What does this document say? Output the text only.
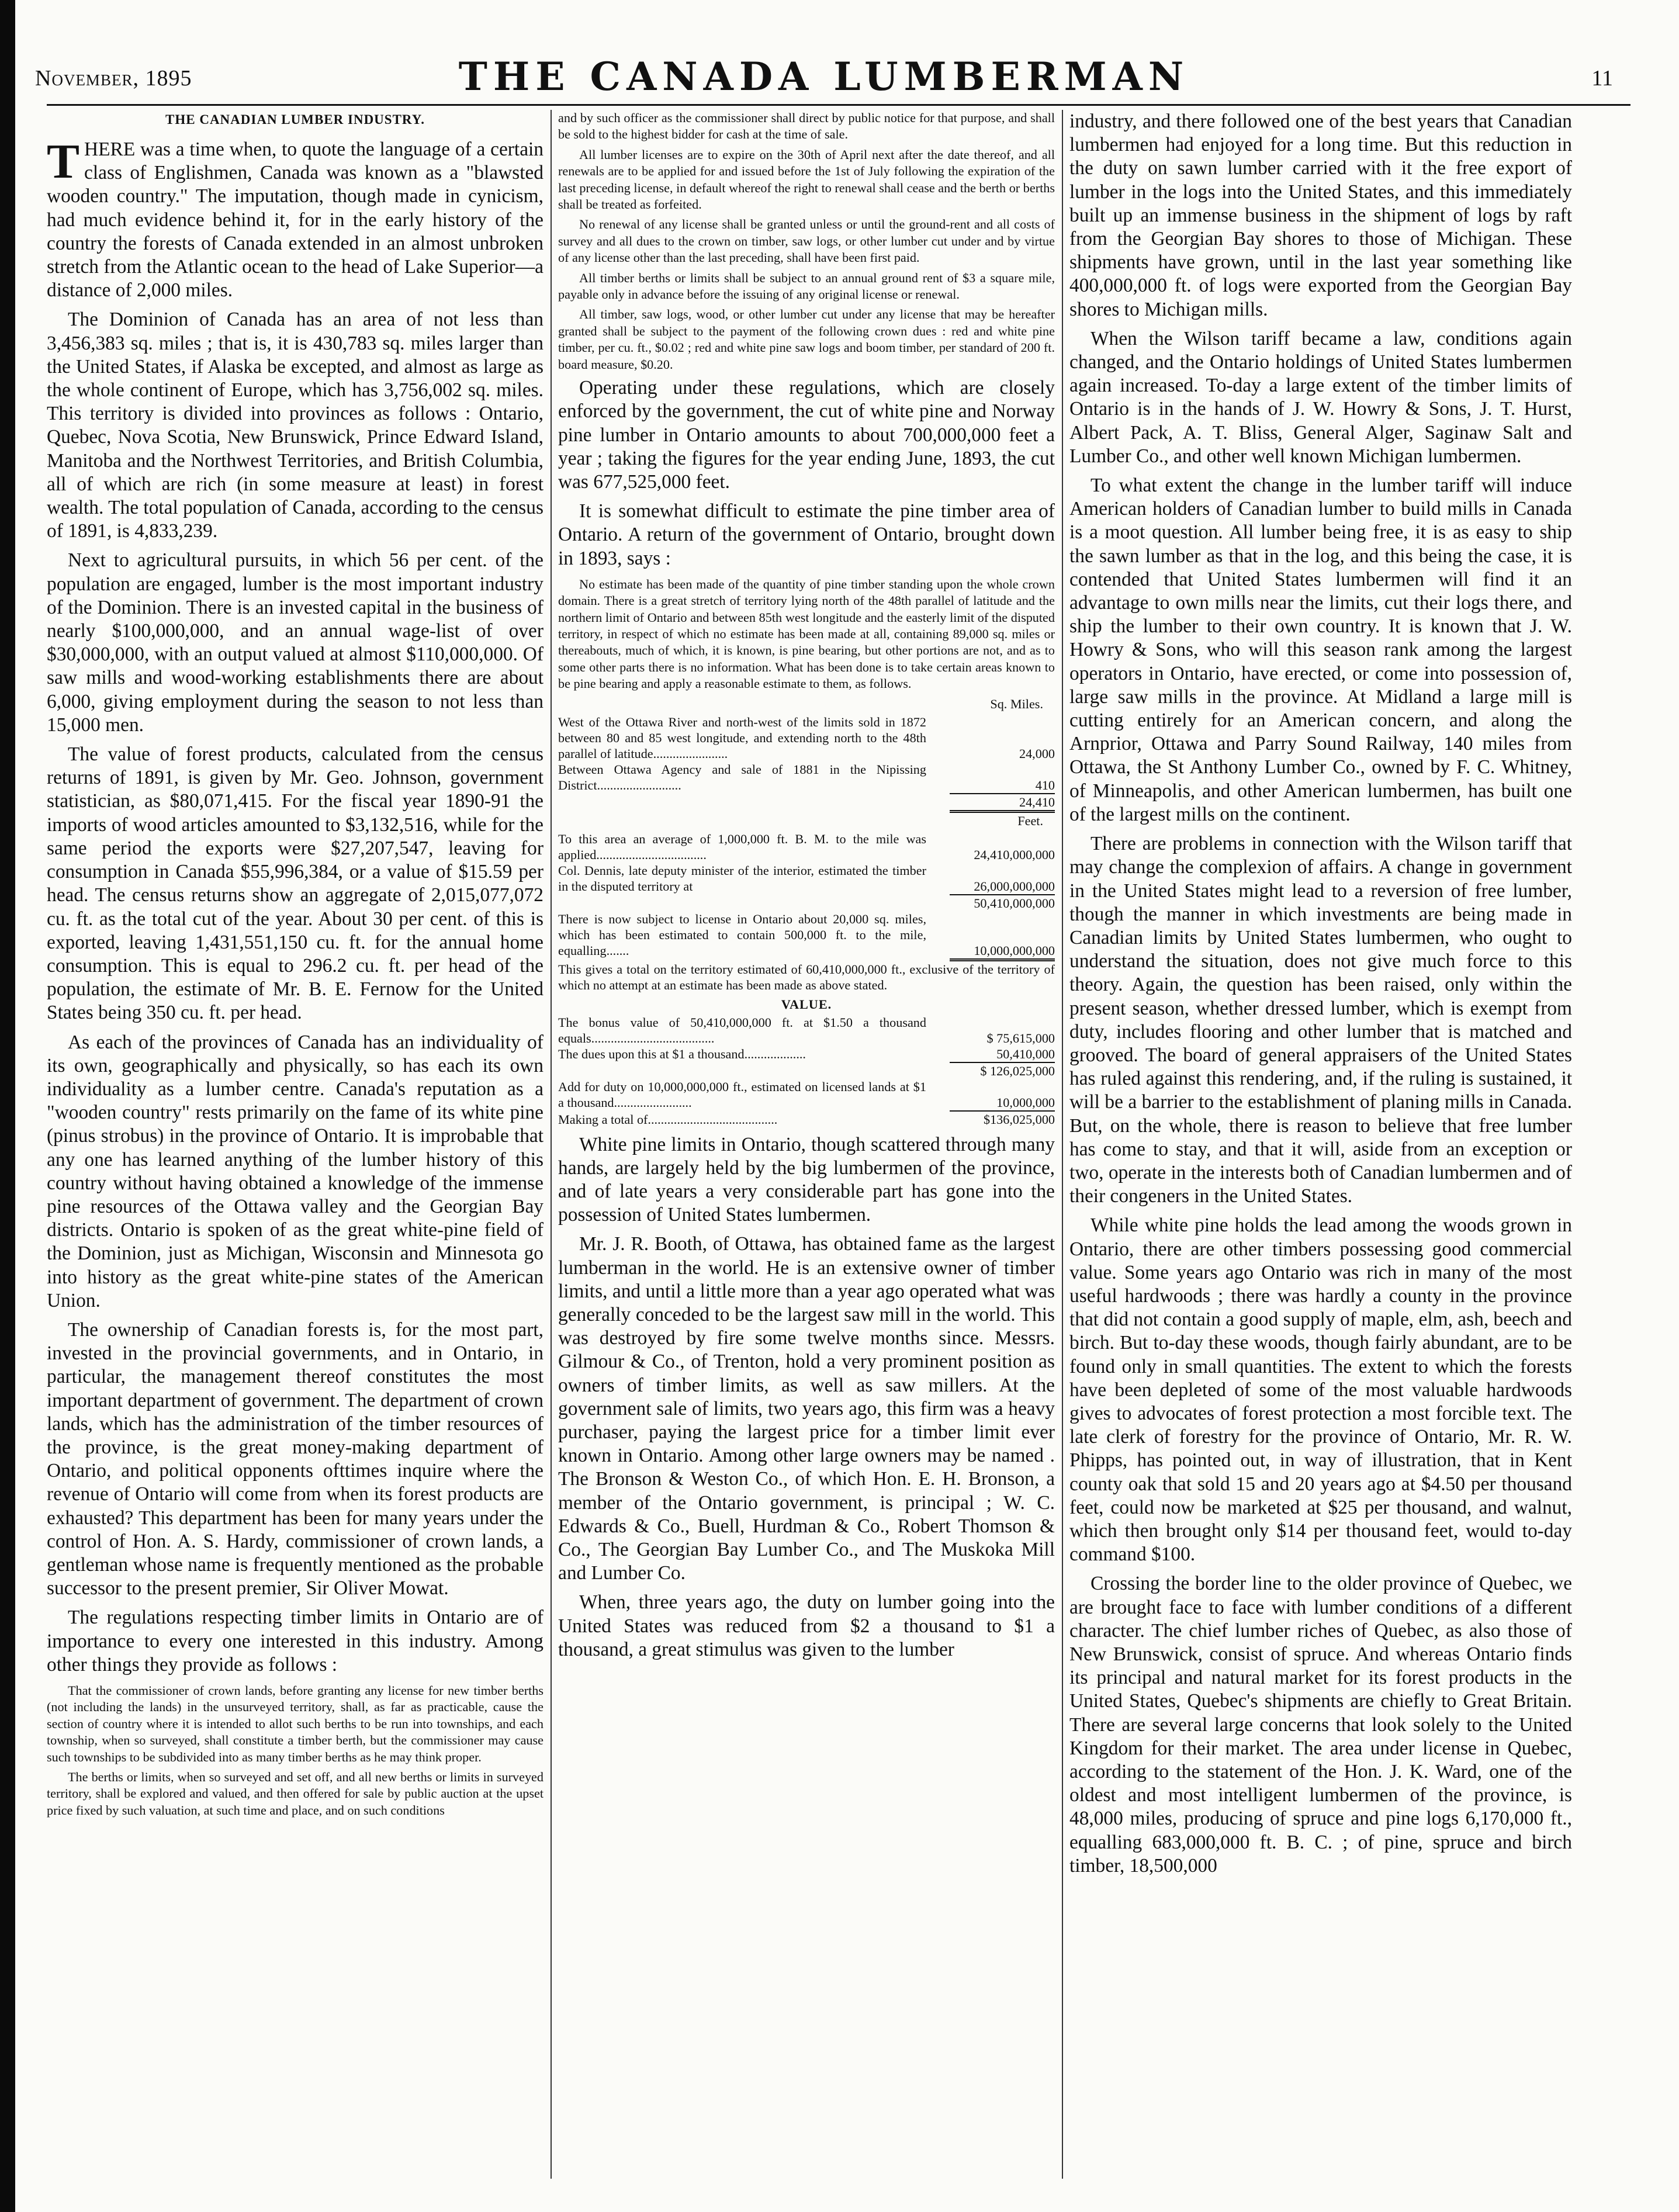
November, 1895	THE CANADA LUMBERMAN	11
THE CANADIAN LUMBER INDUSTRY.

THERE was a time when, to quote the language of a certain class of Englishmen, Canada was known as a "blawsted wooden country." The imputation, though made in cynicism, had much evidence behind it, for in the early history of the country the forests of Canada extended in an almost unbroken stretch from the Atlantic ocean to the head of Lake Superior—a distance of 2,000 miles.

The Dominion of Canada has an area of not less than 3,456,383 sq. miles ; that is, it is 430,783 sq. miles larger than the United States, if Alaska be excepted, and almost as large as the whole continent of Europe, which has 3,756,002 sq. miles. This territory is divided into provinces as follows : Ontario, Quebec, Nova Scotia, New Brunswick, Prince Edward Island, Manitoba and the Northwest Territories, and British Columbia, all of which are rich (in some measure at least) in forest wealth. The total population of Canada, according to the census of 1891, is 4,833,239.

Next to agricultural pursuits, in which 56 per cent. of the population are engaged, lumber is the most important industry of the Dominion. There is an invested capital in the business of nearly $100,000,000, and an annual wage-list of over $30,000,000, with an output valued at almost $110,000,000. Of saw mills and wood-working establishments there are about 6,000, giving employment during the season to not less than 15,000 men.

The value of forest products, calculated from the census returns of 1891, is given by Mr. Geo. Johnson, government statistician, as $80,071,415. For the fiscal year 1890-91 the imports of wood articles amounted to $3,132,516, while for the same period the exports were $27,207,547, leaving for consumption in Canada $55,996,384, or a value of $15.59 per head. The census returns show an aggregate of 2,015,077,072 cu. ft. as the total cut of the year. About 30 per cent. of this is exported, leaving 1,431,551,150 cu. ft. for the annual home consumption. This is equal to 296.2 cu. ft. per head of the population, the estimate of Mr. B. E. Fernow for the United States being 350 cu. ft. per head.

As each of the provinces of Canada has an individuality of its own, geographically and physically, so has each its own individuality as a lumber centre. Canada's reputation as a "wooden country" rests primarily on the fame of its white pine (pinus strobus) in the province of Ontario. It is improbable that any one has learned anything of the lumber history of this country without having obtained a knowledge of the immense pine resources of the Ottawa valley and the Georgian Bay districts. Ontario is spoken of as the great white-pine field of the Dominion, just as Michigan, Wisconsin and Minnesota go into history as the great white-pine states of the American Union.

The ownership of Canadian forests is, for the most part, invested in the provincial governments, and in Ontario, in particular, the management thereof constitutes the most important department of government. The department of crown lands, which has the administration of the timber resources of the province, is the great money-making department of Ontario, and political opponents ofttimes inquire where the revenue of Ontario will come from when its forest products are exhausted? This department has been for many years under the control of Hon. A. S. Hardy, commissioner of crown lands, a gentleman whose name is frequently mentioned as the probable successor to the present premier, Sir Oliver Mowat.

The regulations respecting timber limits in Ontario are of importance to every one interested in this industry. Among other things they provide as follows :

That the commissioner of crown lands, before granting any license for new timber berths (not including the lands) in the unsurveyed territory, shall, as far as practicable, cause the section of country where it is intended to allot such berths to be run into townships, and each township, when so surveyed, shall constitute a timber berth, but the commissioner may cause such townships to be subdivided into as many timber berths as he may think proper.

The berths or limits, when so surveyed and set off, and all new berths or limits in surveyed territory, shall be explored and valued, and then offered for sale by public auction at the upset price fixed by such valuation, at such time and place, and on such conditions

and by such officer as the commissioner shall direct by public notice for that purpose, and shall be sold to the highest bidder for cash at the time of sale.

All lumber licenses are to expire on the 30th of April next after the date thereof, and all renewals are to be applied for and issued before the 1st of July following the expiration of the last preceding license, in default whereof the right to renewal shall cease and the berth or berths shall be treated as forfeited.

No renewal of any license shall be granted unless or until the ground-rent and all costs of survey and all dues to the crown on timber, saw logs, or other lumber cut under and by virtue of any license other than the last preceding, shall have been first paid.

All timber berths or limits shall be subject to an annual ground rent of $3 a square mile, payable only in advance before the issuing of any original license or renewal.

All timber, saw logs, wood, or other lumber cut under any license that may be hereafter granted shall be subject to the payment of the following crown dues : red and white pine timber, per cu. ft., $0.02 ; red and white pine saw logs and boom timber, per standard of 200 ft. board measure, $0.20.

Operating under these regulations, which are closely enforced by the government, the cut of white pine and Norway pine lumber in Ontario amounts to about 700,000,000 feet a year ; taking the figures for the year ending June, 1893, the cut was 677,525,000 feet.

It is somewhat difficult to estimate the pine timber area of Ontario. A return of the government of Ontario, brought down in 1893, says :

No estimate has been made of the quantity of pine timber standing upon the whole crown domain. There is a great stretch of territory lying north of the 48th parallel of latitude and the northern limit of Ontario and between 85th west longitude and the easterly limit of the disputed territory, in respect of which no estimate has been made at all, containing 89,000 sq. miles or thereabouts, much of which, it is known, is pine bearing, but other portions are not, and as to some other parts there is no information. What has been done is to take certain areas known to be pine bearing and apply a reasonable estimate to them, as follows.

Sq. Miles.
West of the Ottawa River and north-west of the limits sold in 1872 between 80 and 85 west longitude, and extending north to the 48th parallel of latitude.......................	24,000
Between Ottawa Agency and sale of 1881 in the Nipissing District..........................	410
24,410
Feet.
To this area an average of 1,000,000 ft. B. M. to the mile was applied..................................	24,410,000,000
Col. Dennis, late deputy minister of the interior, estimated the timber in the disputed territory at	26,000,000,000
50,410,000,000
There is now subject to license in Ontario about 20,000 sq. miles, which has been estimated to contain 500,000 ft. to the mile, equalling.......	10,000,000,000
This gives a total on the territory estimated of 60,410,000,000 ft., exclusive of the territory of which no attempt at an estimate has been made as above stated.
VALUE.
The bonus value of 50,410,000,000 ft. at $1.50 a thousand equals......................................	$ 75,615,000
The dues upon this at $1 a thousand...................	50,410,000
$ 126,025,000
Add for duty on 10,000,000,000 ft., estimated on licensed lands at $1 a thousand........................	10,000,000
Making a total of........................................	$136,025,000

White pine limits in Ontario, though scattered through many hands, are largely held by the big lumbermen of the province, and of late years a very considerable part has gone into the possession of United States lumbermen.

Mr. J. R. Booth, of Ottawa, has obtained fame as the largest lumberman in the world. He is an extensive owner of timber limits, and until a little more than a year ago operated what was generally conceded to be the largest saw mill in the world. This was destroyed by fire some twelve months since. Messrs. Gilmour & Co., of Trenton, hold a very prominent position as owners of timber limits, as well as saw millers. At the government sale of limits, two years ago, this firm was a heavy purchaser, paying the largest price for a timber limit ever known in Ontario. Among other large owners may be named . The Bronson & Weston Co., of which Hon. E. H. Bronson, a member of the Ontario government, is principal ; W. C. Edwards & Co., Buell, Hurdman & Co., Robert Thomson & Co., The Georgian Bay Lumber Co., and The Muskoka Mill and Lumber Co.

When, three years ago, the duty on lumber going into the United States was reduced from $2 a thousand to $1 a thousand, a great stimulus was given to the lumber

industry, and there followed one of the best years that Canadian lumbermen had enjoyed for a long time. But this reduction in the duty on sawn lumber carried with it the free export of lumber in the logs into the United States, and this immediately built up an immense business in the shipment of logs by raft from the Georgian Bay shores to those of Michigan. These shipments have grown, until in the last year something like 400,000,000 ft. of logs were exported from the Georgian Bay shores to Michigan mills.

When the Wilson tariff became a law, conditions again changed, and the Ontario holdings of United States lumbermen again increased. To-day a large extent of the timber limits of Ontario is in the hands of J. W. Howry & Sons, J. T. Hurst, Albert Pack, A. T. Bliss, General Alger, Saginaw Salt and Lumber Co., and other well known Michigan lumbermen.

To what extent the change in the lumber tariff will induce American holders of Canadian lumber to build mills in Canada is a moot question. All lumber being free, it is as easy to ship the sawn lumber as that in the log, and this being the case, it is contended that United States lumbermen will find it an advantage to own mills near the limits, cut their logs there, and ship the lumber to their own country. It is known that J. W. Howry & Sons, who will this season rank among the largest operators in Ontario, have erected, or come into possession of, large saw mills in the province. At Midland a large mill is cutting entirely for an American concern, and along the Arnprior, Ottawa and Parry Sound Railway, 140 miles from Ottawa, the St Anthony Lumber Co., owned by F. C. Whitney, of Minneapolis, and other American lumbermen, has built one of the largest mills on the continent.

There are problems in connection with the Wilson tariff that may change the complexion of affairs. A change in government in the United States might lead to a reversion of free lumber, though the manner in which investments are being made in Canadian limits by United States lumbermen, who ought to understand the situation, does not give much force to this theory. Again, the question has been raised, only within the present season, whether dressed lumber, which is exempt from duty, includes flooring and other lumber that is matched and grooved. The board of general appraisers of the United States has ruled against this rendering, and, if the ruling is sustained, it will be a barrier to the establishment of planing mills in Canada. But, on the whole, there is reason to believe that free lumber has come to stay, and that it will, aside from an exception or two, operate in the interests both of Canadian lumbermen and of their congeners in the United States.

While white pine holds the lead among the woods grown in Ontario, there are other timbers possessing good commercial value. Some years ago Ontario was rich in many of the most useful hardwoods ; there was hardly a county in the province that did not contain a good supply of maple, elm, ash, beech and birch. But to-day these woods, though fairly abundant, are to be found only in small quantities. The extent to which the forests have been depleted of some of the most valuable hardwoods gives to advocates of forest protection a most forcible text. The late clerk of forestry for the province of Ontario, Mr. R. W. Phipps, has pointed out, in way of illustration, that in Kent county oak that sold 15 and 20 years ago at $4.50 per thousand feet, could now be marketed at $25 per thousand, and walnut, which then brought only $14 per thousand feet, would to-day command $100.

Crossing the border line to the older province of Quebec, we are brought face to face with lumber conditions of a different character. The chief lumber riches of Quebec, as also those of New Brunswick, consist of spruce. And whereas Ontario finds its principal and natural market for its forest products in the United States, Quebec's shipments are chiefly to Great Britain. There are several large concerns that look solely to the United Kingdom for their market. The area under license in Quebec, according to the statement of the Hon. J. K. Ward, one of the oldest and most intelligent lumbermen of the province, is 48,000 miles, producing of spruce and pine logs 6,170,000 ft., equalling 683,000,000 ft. B. C. ; of pine, spruce and birch timber, 18,500,000
